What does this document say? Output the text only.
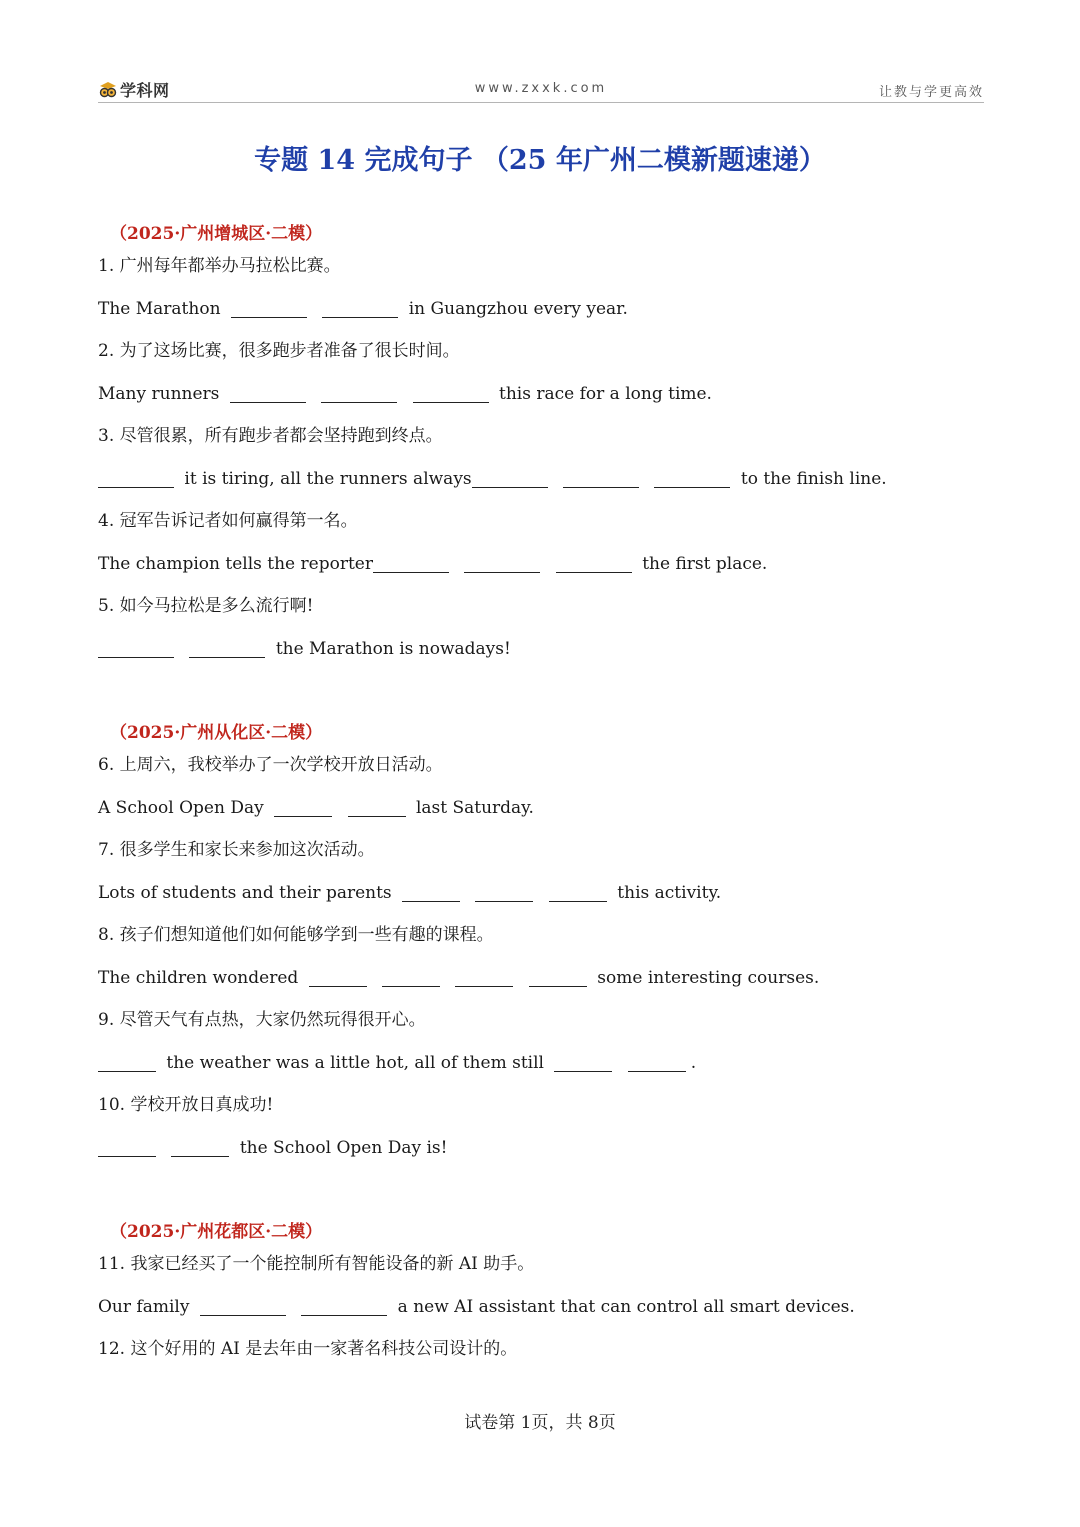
学科网	www.zxxk.com	让教与学更高效
专题 14 完成句子 （25 年广州二模新题速递）
（2025·广州增城区·二模）
1. 广州每年都举办马拉松比赛。
The Marathon	in Guangzhou every year.
2. 为了这场比赛，很多跑步者准备了很长时间。
Many runners	this race for a long time.
3. 尽管很累，所有跑步者都会坚持跑到终点。
it is tiring, all the runners always	to the finish line.
4. 冠军告诉记者如何赢得第一名。
The champion tells the reporter	the first place.
5. 如今马拉松是多么流行啊!
the Marathon is nowadays!
（2025·广州从化区·二模）
6. 上周六，我校举办了一次学校开放日活动。
A School Open Day	last Saturday.
7. 很多学生和家长来参加这次活动。
Lots of students and their parents	this activity.
8. 孩子们想知道他们如何能够学到一些有趣的课程。
The children wondered	some interesting courses.
9. 尽管天气有点热，大家仍然玩得很开心。
the weather was a little hot, all of them still	.
10. 学校开放日真成功!
the School Open Day is!
（2025·广州花都区·二模）
11. 我家已经买了一个能控制所有智能设备的新 AI 助手。
Our family	a new AI assistant that can control all smart devices.
12. 这个好用的 AI 是去年由一家著名科技公司设计的。
试卷第 1页，共 8页
